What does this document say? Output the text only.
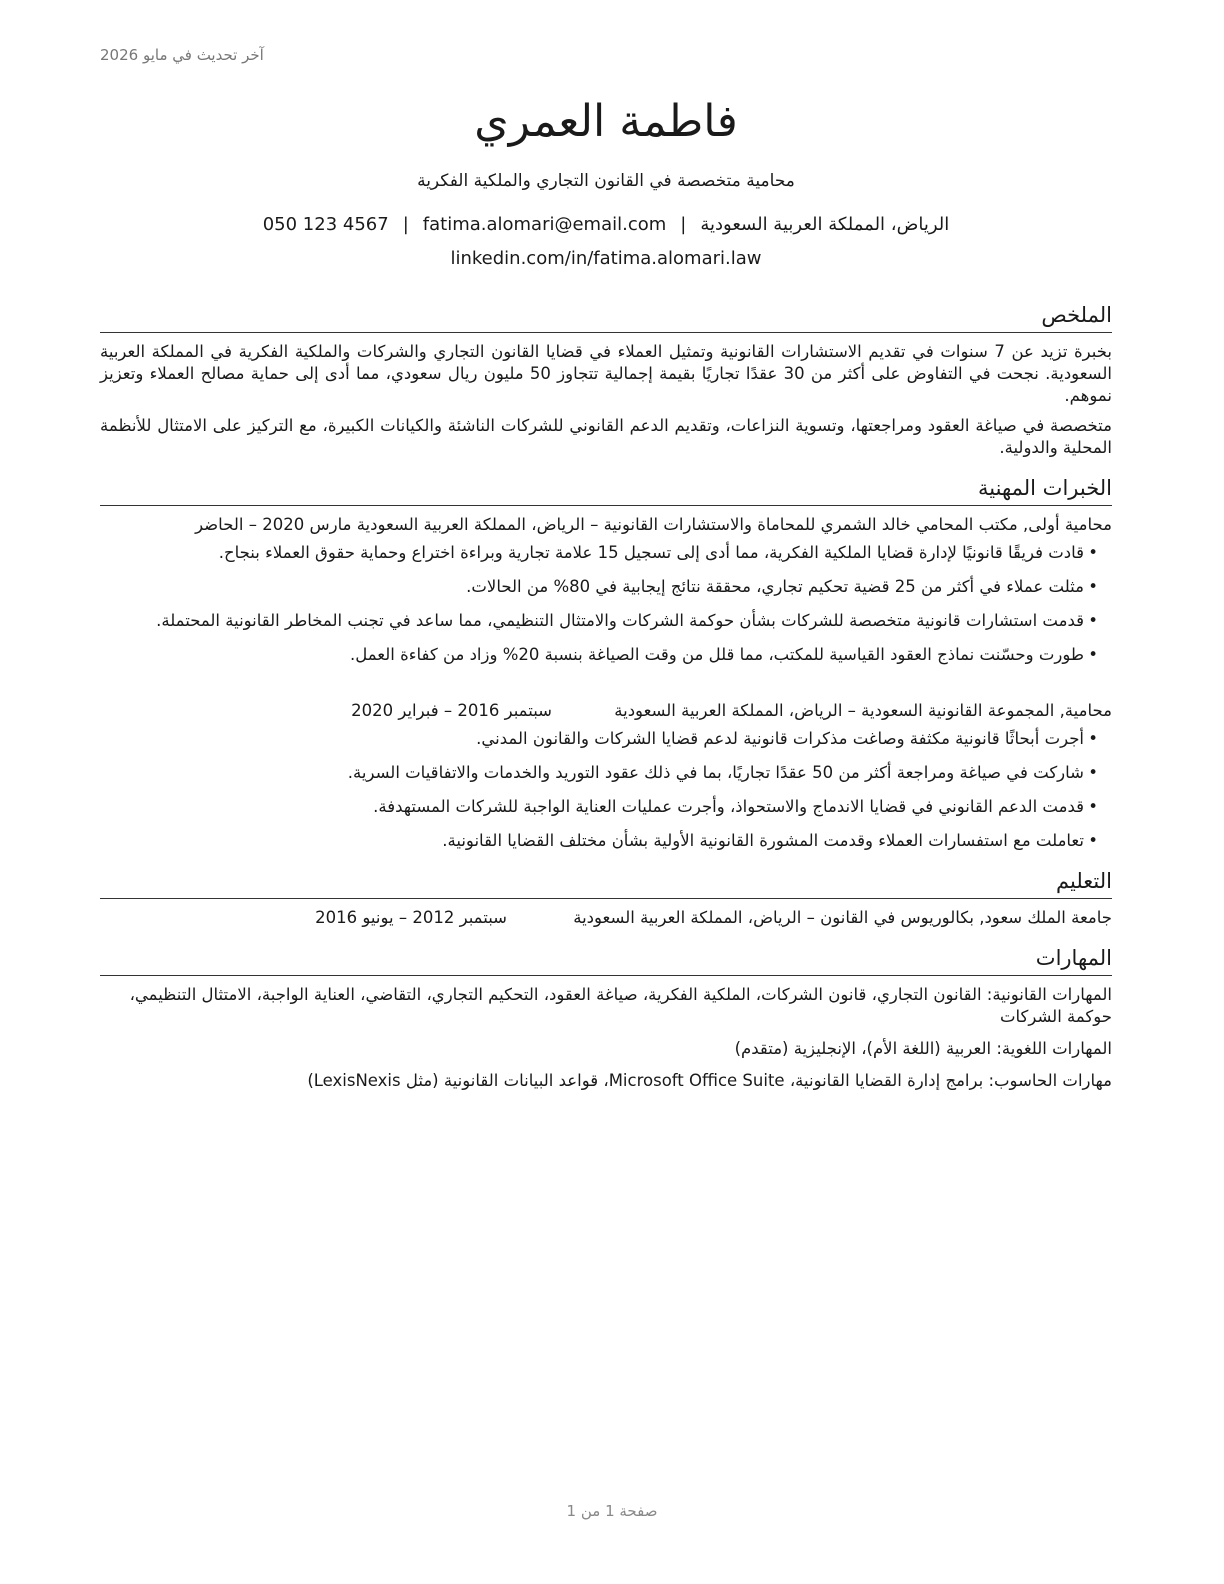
آخر تحديث في مايو 2026
فاطمة العمري
محامية متخصصة في القانون التجاري والملكية الفكرية
الرياض، المملكة العربية السعودية|fatima.alomari@email.com|050 123 4567
linkedin.com/in/fatima.alomari.law
الملخص

بخبرة تزيد عن 7 سنوات في تقديم الاستشارات القانونية وتمثيل العملاء في قضايا القانون التجاري والشركات والملكية الفكرية في المملكة العربية السعودية. نجحت في التفاوض على أكثر من 30 عقدًا تجاريًا بقيمة إجمالية تتجاوز 50 مليون ريال سعودي، مما أدى إلى حماية مصالح العملاء وتعزيز نموهم.

متخصصة في صياغة العقود ومراجعتها، وتسوية النزاعات، وتقديم الدعم القانوني للشركات الناشئة والكيانات الكبيرة، مع التركيز على الامتثال للأنظمة المحلية والدولية.

الخبرات المهنية
محامية أولى, مكتب المحامي خالد الشمري للمحاماة والاستشارات القانونية – الرياض، المملكة العربية السعودية مارس 2020 – الحاضر
• قادت فريقًا قانونيًا لإدارة قضايا الملكية الفكرية، مما أدى إلى تسجيل 15 علامة تجارية وبراءة اختراع وحماية حقوق العملاء بنجاح.
• مثلت عملاء في أكثر من 25 قضية تحكيم تجاري، محققة نتائج إيجابية في 80% من الحالات.
• قدمت استشارات قانونية متخصصة للشركات بشأن حوكمة الشركات والامتثال التنظيمي، مما ساعد في تجنب المخاطر القانونية المحتملة.
• طورت وحسّنت نماذج العقود القياسية للمكتب، مما قلل من وقت الصياغة بنسبة 20% وزاد من كفاءة العمل.
محامية, المجموعة القانونية السعودية – الرياض، المملكة العربية السعودية
سبتمبر 2016 – فبراير 2020
• أجرت أبحاثًا قانونية مكثفة وصاغت مذكرات قانونية لدعم قضايا الشركات والقانون المدني.
• شاركت في صياغة ومراجعة أكثر من 50 عقدًا تجاريًا، بما في ذلك عقود التوريد والخدمات والاتفاقيات السرية.
• قدمت الدعم القانوني في قضايا الاندماج والاستحواذ، وأجرت عمليات العناية الواجبة للشركات المستهدفة.
• تعاملت مع استفسارات العملاء وقدمت المشورة القانونية الأولية بشأن مختلف القضايا القانونية.
التعليم
جامعة الملك سعود, بكالوريوس في القانون – الرياض، المملكة العربية السعودية
سبتمبر 2012 – يونيو 2016
المهارات
المهارات القانونية: القانون التجاري، قانون الشركات، الملكية الفكرية، صياغة العقود، التحكيم التجاري، التقاضي، العناية الواجبة، الامتثال التنظيمي، حوكمة الشركات
المهارات اللغوية: العربية (اللغة الأم)، الإنجليزية (متقدم)
مهارات الحاسوب: برامج إدارة القضايا القانونية، Microsoft Office Suite، قواعد البيانات القانونية (مثل LexisNexis)
صفحة 1 من 1
